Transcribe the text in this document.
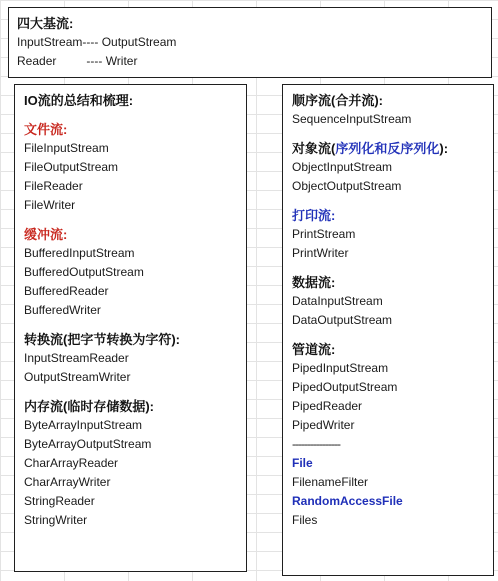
四大基流:
InputStream---- OutputStream
Reader	---- Writer
IO流的总结和梳理:
文件流:
FileInputStream
FileOutputStream
FileReader
FileWriter
缓冲流:
BufferedInputStream
BufferedOutputStream
BufferedReader
BufferedWriter
转换流(把字节转换为字符):
InputStreamReader
OutputStreamWriter
内存流(临时存储数据):
ByteArrayInputStream
ByteArrayOutputStream
CharArrayReader
CharArrayWriter
StringReader
StringWriter
顺序流(合并流):
SequenceInputStream
对象流(序列化和反序列化):
ObjectInputStream
ObjectOutputStream
打印流:
PrintStream
PrintWriter
数据流:
DataInputStream
DataOutputStream
管道流:
PipedInputStream
PipedOutputStream
PipedReader
PipedWriter
----------------
File
FilenameFilter
RandomAccessFile
Files
